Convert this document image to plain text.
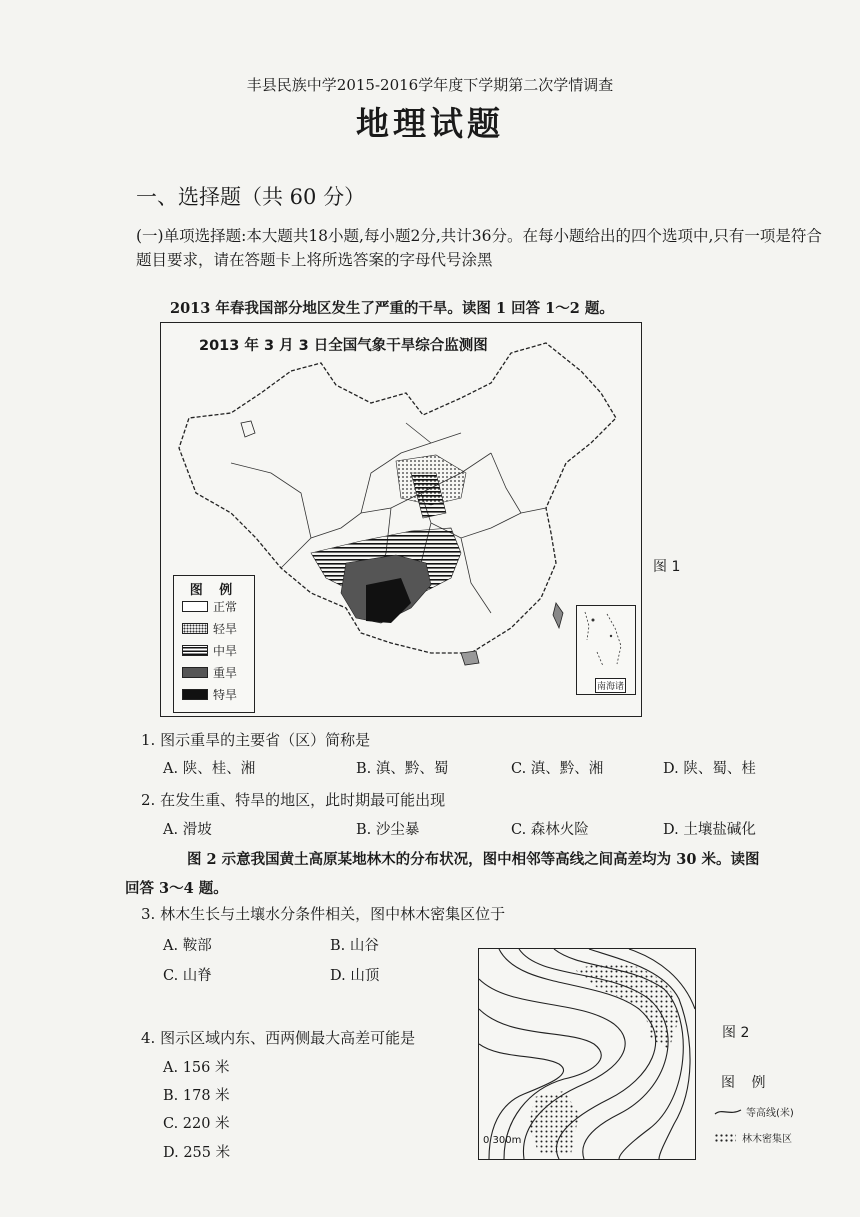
丰县民族中学2015-2016学年度下学期第二次学情调查
地理试题
一、选择题（共 60 分）
(一)单项选择题:本大题共18小题,每小题2分,共计36分。在每小题给出的四个选项中,只有一项是符合题目要求，请在答题卡上将所选答案的字母代号涂黑
2013 年春我国部分地区发生了严重的干旱。读图 1 回答 1～2 题。
2013 年 3 月 3 日全国气象干旱综合监测图
图 例
正常
轻旱
中旱
重旱
特旱
南海诸
图 1
1. 图示重旱的主要省（区）简称是
A. 陕、桂、湘	B. 滇、黔、蜀	C. 滇、黔、湘	D. 陕、蜀、桂
2. 在发生重、特旱的地区，此时期最可能出现
A. 滑坡	B. 沙尘暴	C. 森林火险	D. 土壤盐碱化
图 2 示意我国黄土高原某地林木的分布状况，图中相邻等高线之间高差均为 30 米。读图
回答 3～4 题。
3. 林木生长与土壤水分条件相关，图中林木密集区位于
A. 鞍部	B. 山谷
C. 山脊	D. 山顶
4. 图示区域内东、西两侧最大高差可能是
A. 156 米
B. 178 米
C. 220 米
D. 255 米
0 300m
图 2
图 例
等高线(米)
林木密集区
